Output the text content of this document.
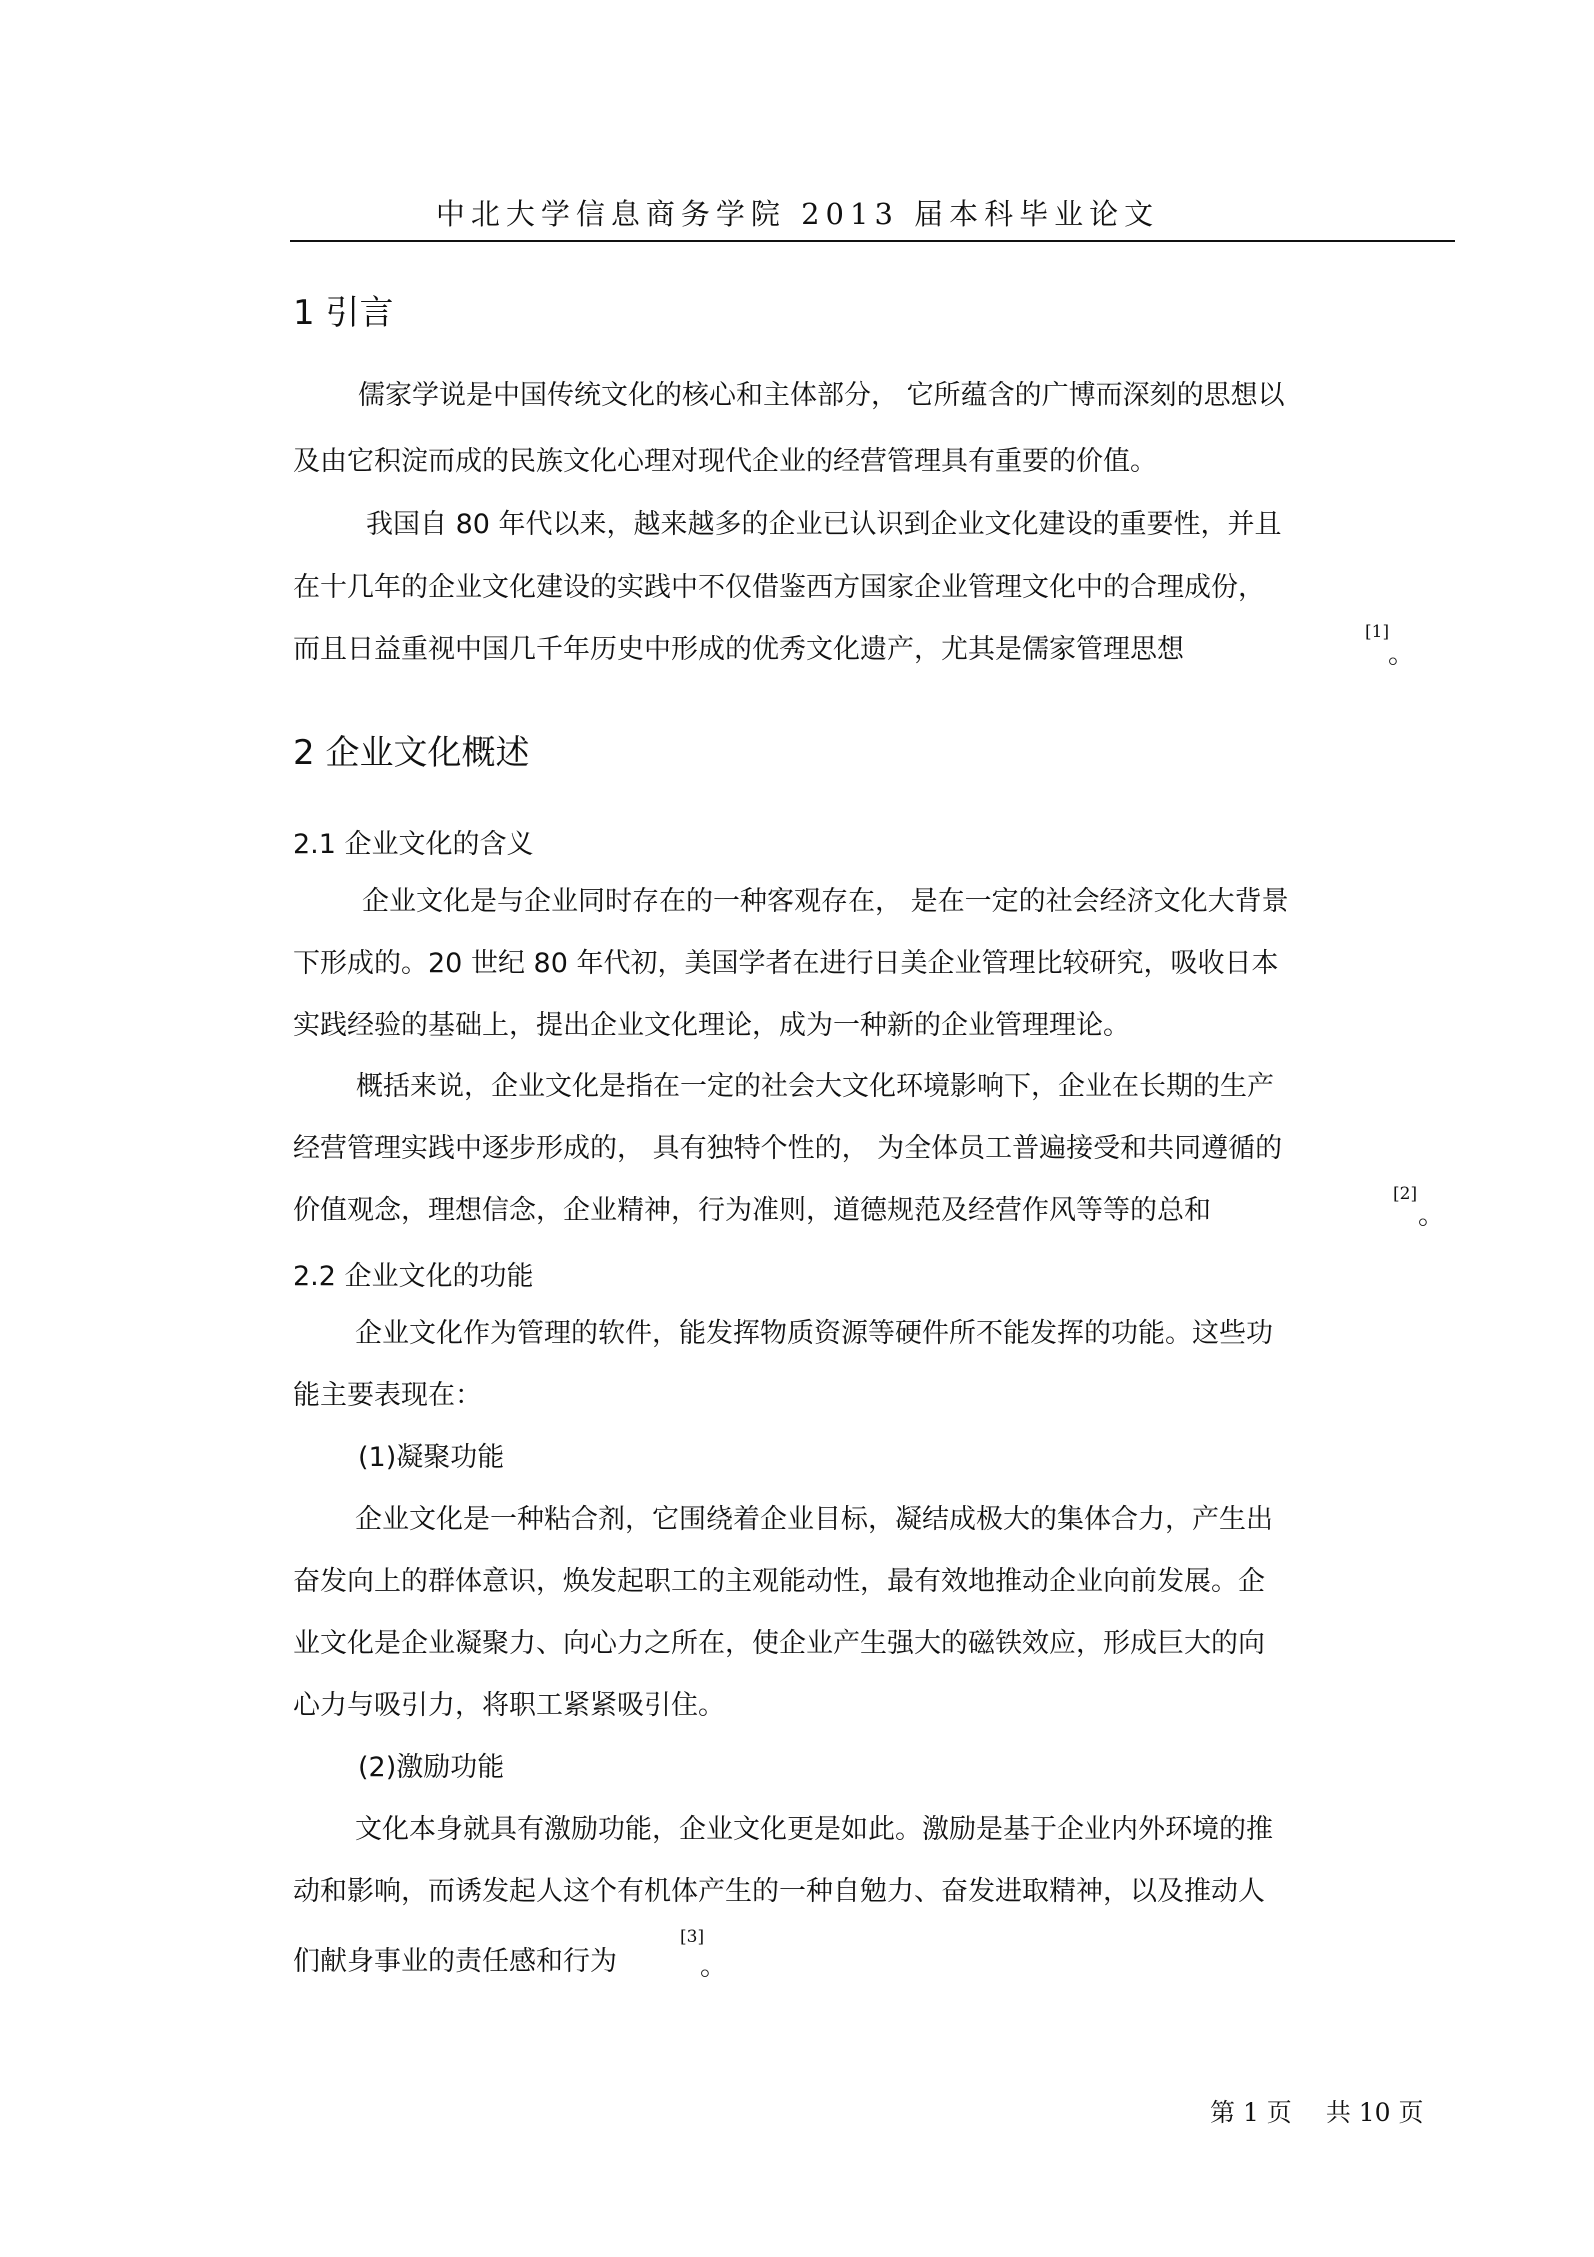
中北大学信息商务学院 2013 届本科毕业论文
1 引言
儒家学说是中国传统文化的核心和主体部分， 它所蕴含的广博而深刻的思想以
及由它积淀而成的民族文化心理对现代企业的经营管理具有重要的价值。
我国自 80 年代以来，越来越多的企业已认识到企业文化建设的重要性，并且
在十几年的企业文化建设的实践中不仅借鉴西方国家企业管理文化中的合理成份，
而且日益重视中国几千年历史中形成的优秀文化遗产，尤其是儒家管理思想
[1]
。
2 企业文化概述
2.1 企业文化的含义
企业文化是与企业同时存在的一种客观存在， 是在一定的社会经济文化大背景
下形成的。20 世纪 80 年代初，美国学者在进行日美企业管理比较研究，吸收日本
实践经验的基础上，提出企业文化理论，成为一种新的企业管理理论。
概括来说，企业文化是指在一定的社会大文化环境影响下，企业在长期的生产
经营管理实践中逐步形成的， 具有独特个性的， 为全体员工普遍接受和共同遵循的
价值观念，理想信念，企业精神，行为准则，道德规范及经营作风等等的总和
[2]
。
2.2 企业文化的功能
企业文化作为管理的软件，能发挥物质资源等硬件所不能发挥的功能。这些功
能主要表现在：
(1)凝聚功能
企业文化是一种粘合剂，它围绕着企业目标，凝结成极大的集体合力，产生出
奋发向上的群体意识，焕发起职工的主观能动性，最有效地推动企业向前发展。企
业文化是企业凝聚力、向心力之所在，使企业产生强大的磁铁效应，形成巨大的向
心力与吸引力，将职工紧紧吸引住。
(2)激励功能
文化本身就具有激励功能，企业文化更是如此。激励是基于企业内外环境的推
动和影响，而诱发起人这个有机体产生的一种自勉力、奋发进取精神，以及推动人
们献身事业的责任感和行为
[3]
。
第 1 页 共 10 页
